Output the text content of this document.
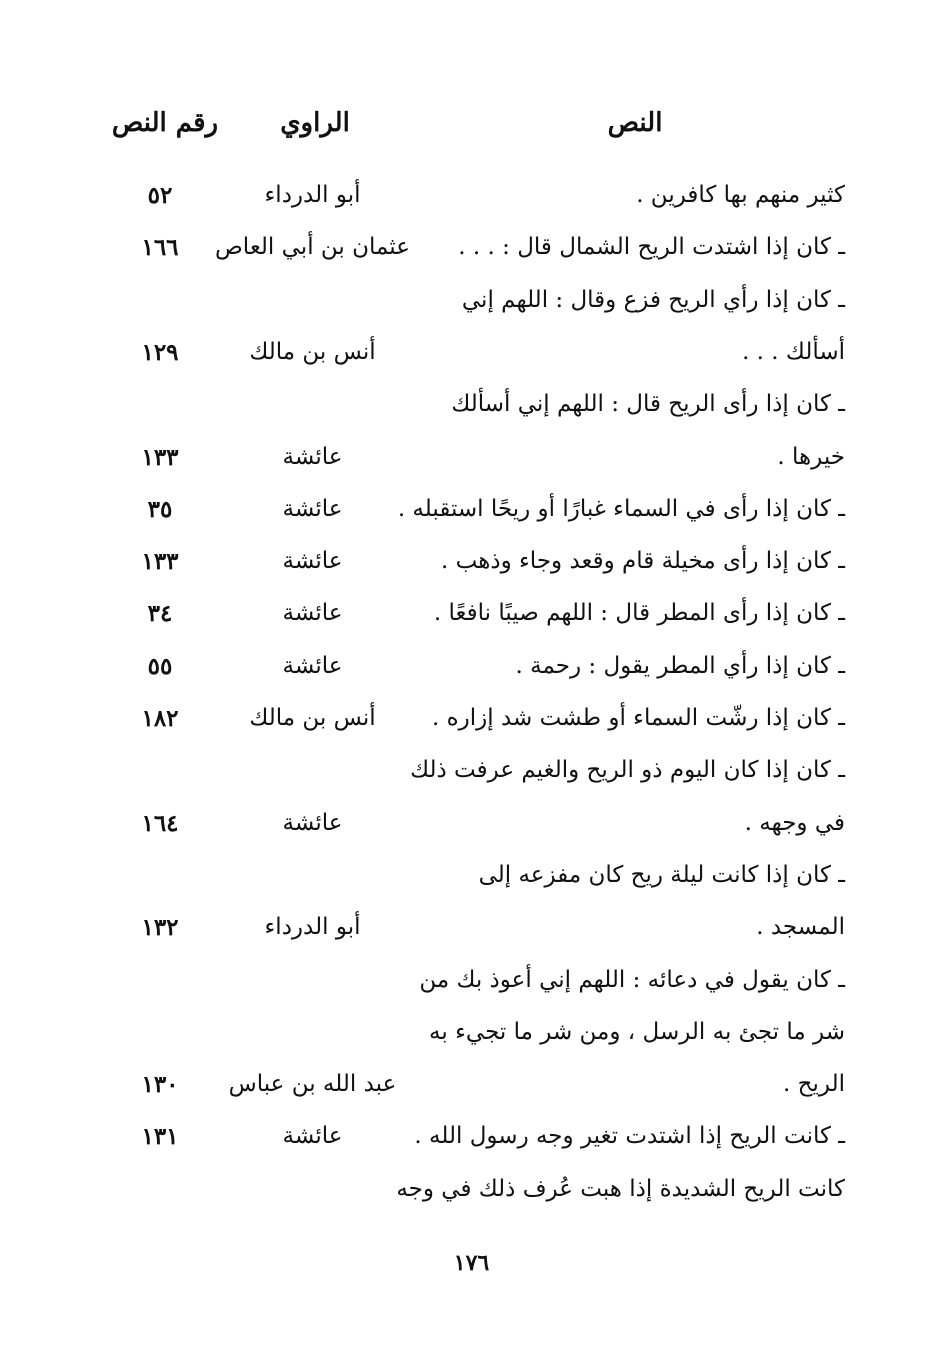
النص
الراوي
رقم النص
كثير منهم بها كافرين .
أبو الدرداء
٥٢
ـ كان إذا اشتدت الريح الشمال قال : . . .
عثمان بن أبي العاص
١٦٦
ـ كان إذا رأي الريح فزع وقال : اللهم إني
أسألك . . .
أنس بن مالك
١٢٩
ـ كان إذا رأى الريح قال : اللهم إني أسألك
خيرها .
عائشة
١٣٣
ـ كان إذا رأى في السماء غبارًا أو ريحًا استقبله .
عائشة
٣٥
ـ كان إذا رأى مخيلة قام وقعد وجاء وذهب .
عائشة
١٣٣
ـ كان إذا رأى المطر قال : اللهم صيبًا نافعًا .
عائشة
٣٤
ـ كان إذا رأي المطر يقول : رحمة .
عائشة
٥٥
ـ كان إذا رشّت السماء أو طشت شد إزاره .
أنس بن مالك
١٨٢
ـ كان إذا كان اليوم ذو الريح والغيم عرفت ذلك
في وجهه .
عائشة
١٦٤
ـ كان إذا كانت ليلة ريح كان مفزعه إلى
المسجد .
أبو الدرداء
١٣٢
ـ كان يقول في دعائه : اللهم إني أعوذ بك من
شر ما تجئ به الرسل ، ومن شر ما تجيء به
الريح .
عبد الله بن عباس
١٣٠
ـ كانت الريح إذا اشتدت تغير وجه رسول الله .
عائشة
١٣١
كانت الريح الشديدة إذا هبت عُرف ذلك في وجه
١٧٦
